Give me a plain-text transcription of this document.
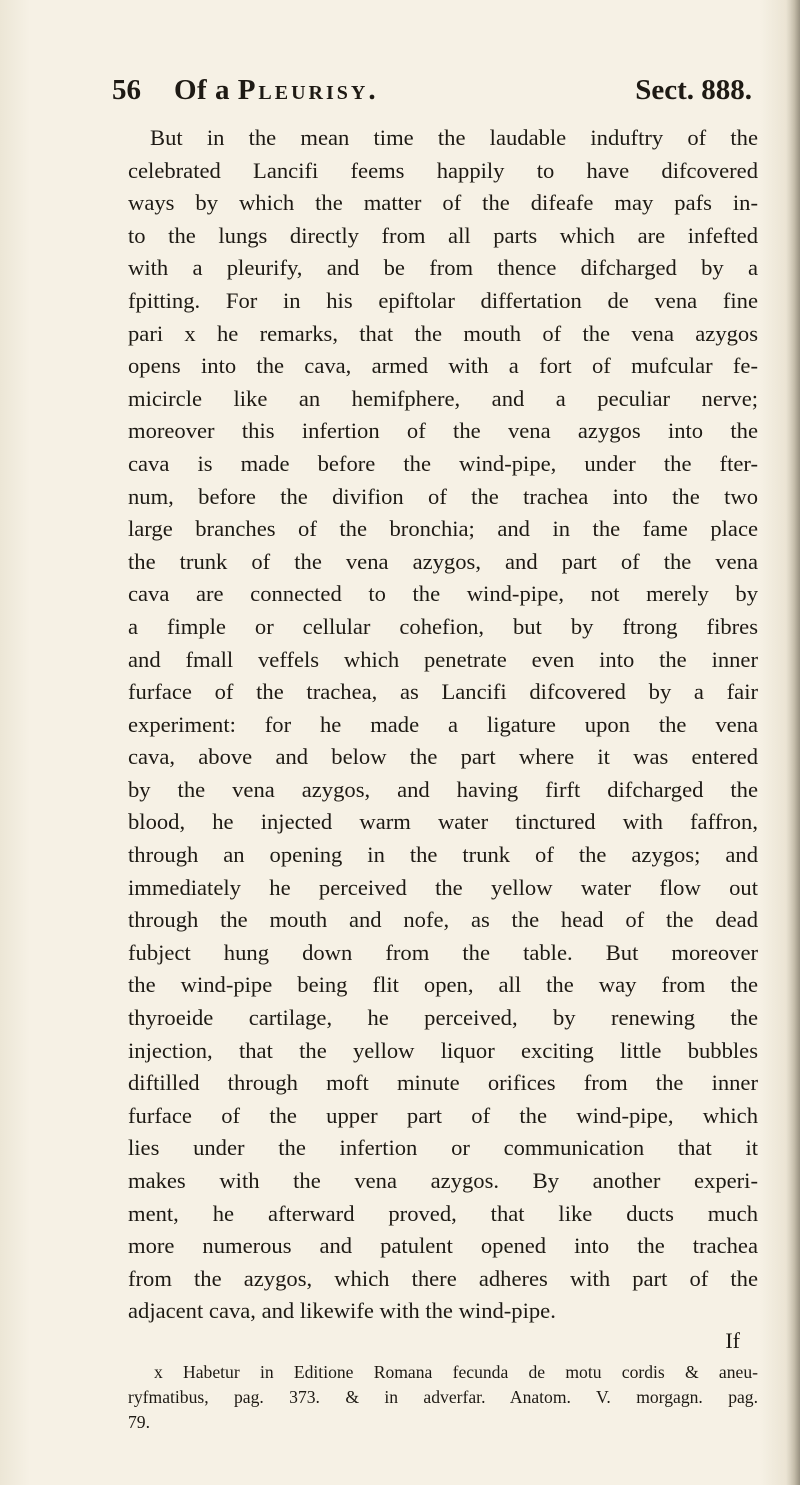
56 Of a Pleurisy.	Sect. 888.
But in the mean time the laudable induftry of the
celebrated Lancifi feems happily to have difcovered
ways by which the matter of the difeafe may pafs in-
to the lungs directly from all parts which are infefted
with a pleurify, and be from thence difcharged by a
fpitting. For in his epiftolar differtation de vena fine
pari x he remarks, that the mouth of the vena azygos
opens into the cava, armed with a fort of mufcular fe-
micircle like an hemifphere, and a peculiar nerve;
moreover this infertion of the vena azygos into the
cava is made before the wind-pipe, under the fter-
num, before the divifion of the trachea into the two
large branches of the bronchia; and in the fame place
the trunk of the vena azygos, and part of the vena
cava are connected to the wind-pipe, not merely by
a fimple or cellular cohefion, but by ftrong fibres
and fmall veffels which penetrate even into the inner
furface of the trachea, as Lancifi difcovered by a fair
experiment: for he made a ligature upon the vena
cava, above and below the part where it was entered
by the vena azygos, and having firft difcharged the
blood, he injected warm water tinctured with faffron,
through an opening in the trunk of the azygos; and
immediately he perceived the yellow water flow out
through the mouth and nofe, as the head of the dead
fubject hung down from the table. But moreover
the wind-pipe being flit open, all the way from the
thyroeide cartilage, he perceived, by renewing the
injection, that the yellow liquor exciting little bubbles
diftilled through moft minute orifices from the inner
furface of the upper part of the wind-pipe, which
lies under the infertion or communication that it
makes with the vena azygos. By another experi-
ment, he afterward proved, that like ducts much
more numerous and patulent opened into the trachea
from the azygos, which there adheres with part of the
adjacent cava, and likewife with the wind-pipe.
If
x Habetur in Editione Romana fecunda de motu cordis & aneu-
ryfmatibus, pag. 373. & in adverfar. Anatom. V. morgagn. pag.
79.
